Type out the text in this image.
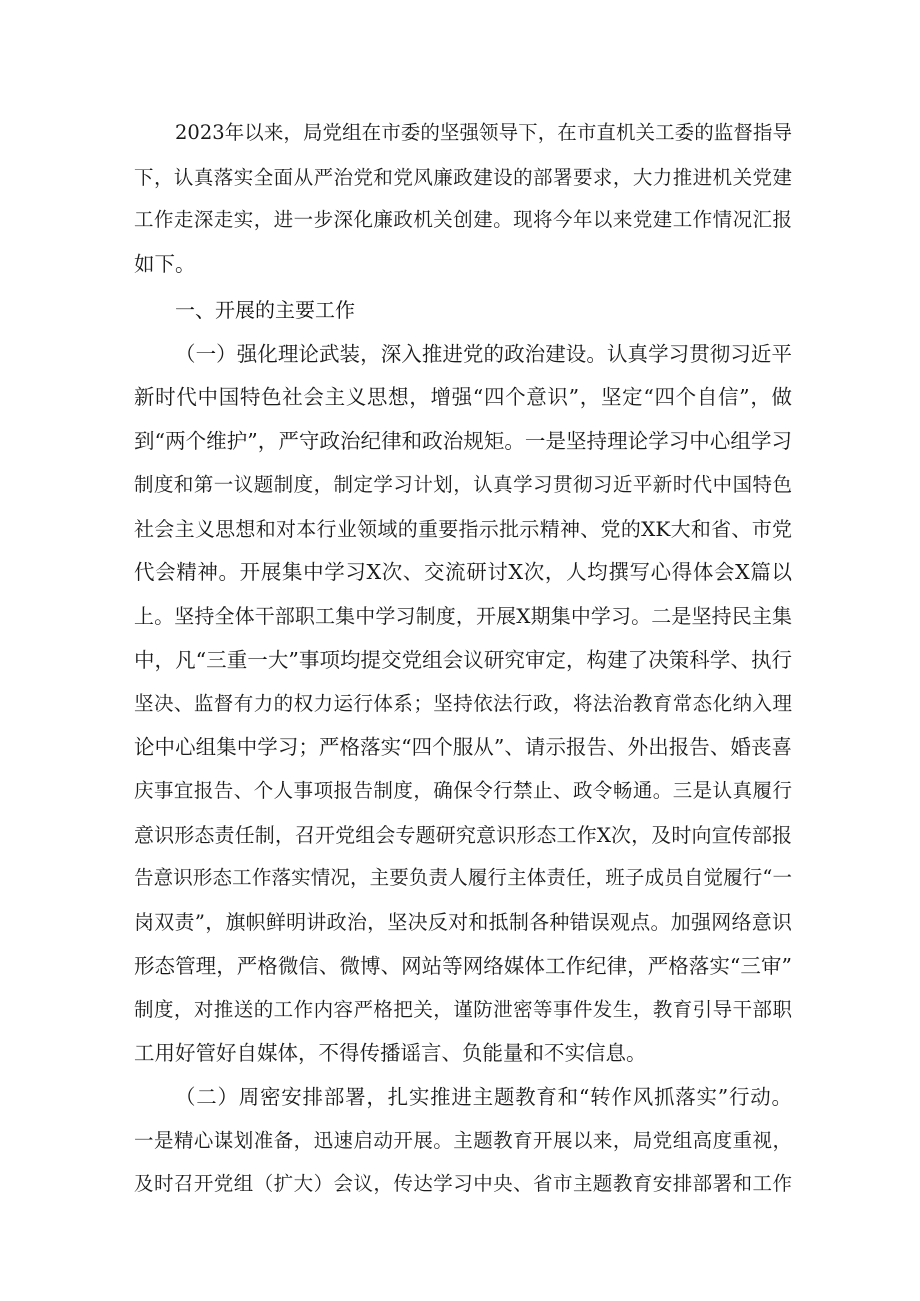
2023年以来，局党组在市委的坚强领导下，在市直机关工委的监督指导
下，认真落实全面从严治党和党风廉政建设的部署要求，大力推进机关党建
工作走深走实，进一步深化廉政机关创建。现将今年以来党建工作情况汇报
如下。
一、开展的主要工作
（一）强化理论武装，深入推进党的政治建设。认真学习贯彻习近平
新时代中国特色社会主义思想，增强“四个意识”，坚定“四个自信”，做
到“两个维护”，严守政治纪律和政治规矩。一是坚持理论学习中心组学习
制度和第一议题制度，制定学习计划，认真学习贯彻习近平新时代中国特色
社会主义思想和对本行业领域的重要指示批示精神、党的XK大和省、市党
代会精神。开展集中学习X次、交流研讨X次，人均撰写心得体会X篇以
上。坚持全体干部职工集中学习制度，开展X期集中学习。二是坚持民主集
中，凡“三重一大”事项均提交党组会议研究审定，构建了决策科学、执行
坚决、监督有力的权力运行体系；坚持依法行政，将法治教育常态化纳入理
论中心组集中学习；严格落实“四个服从”、请示报告、外出报告、婚丧喜
庆事宜报告、个人事项报告制度，确保令行禁止、政令畅通。三是认真履行
意识形态责任制，召开党组会专题研究意识形态工作X次，及时向宣传部报
告意识形态工作落实情况，主要负责人履行主体责任，班子成员自觉履行“一
岗双责”，旗帜鲜明讲政治，坚决反对和抵制各种错误观点。加强网络意识
形态管理，严格微信、微博、网站等网络媒体工作纪律，严格落实“三审”
制度，对推送的工作内容严格把关，谨防泄密等事件发生，教育引导干部职
工用好管好自媒体，不得传播谣言、负能量和不实信息。
（二）周密安排部署，扎实推进主题教育和“转作风抓落实”行动。
一是精心谋划准备，迅速启动开展。主题教育开展以来，局党组高度重视，
及时召开党组（扩大）会议，传达学习中央、省市主题教育安排部署和工作
